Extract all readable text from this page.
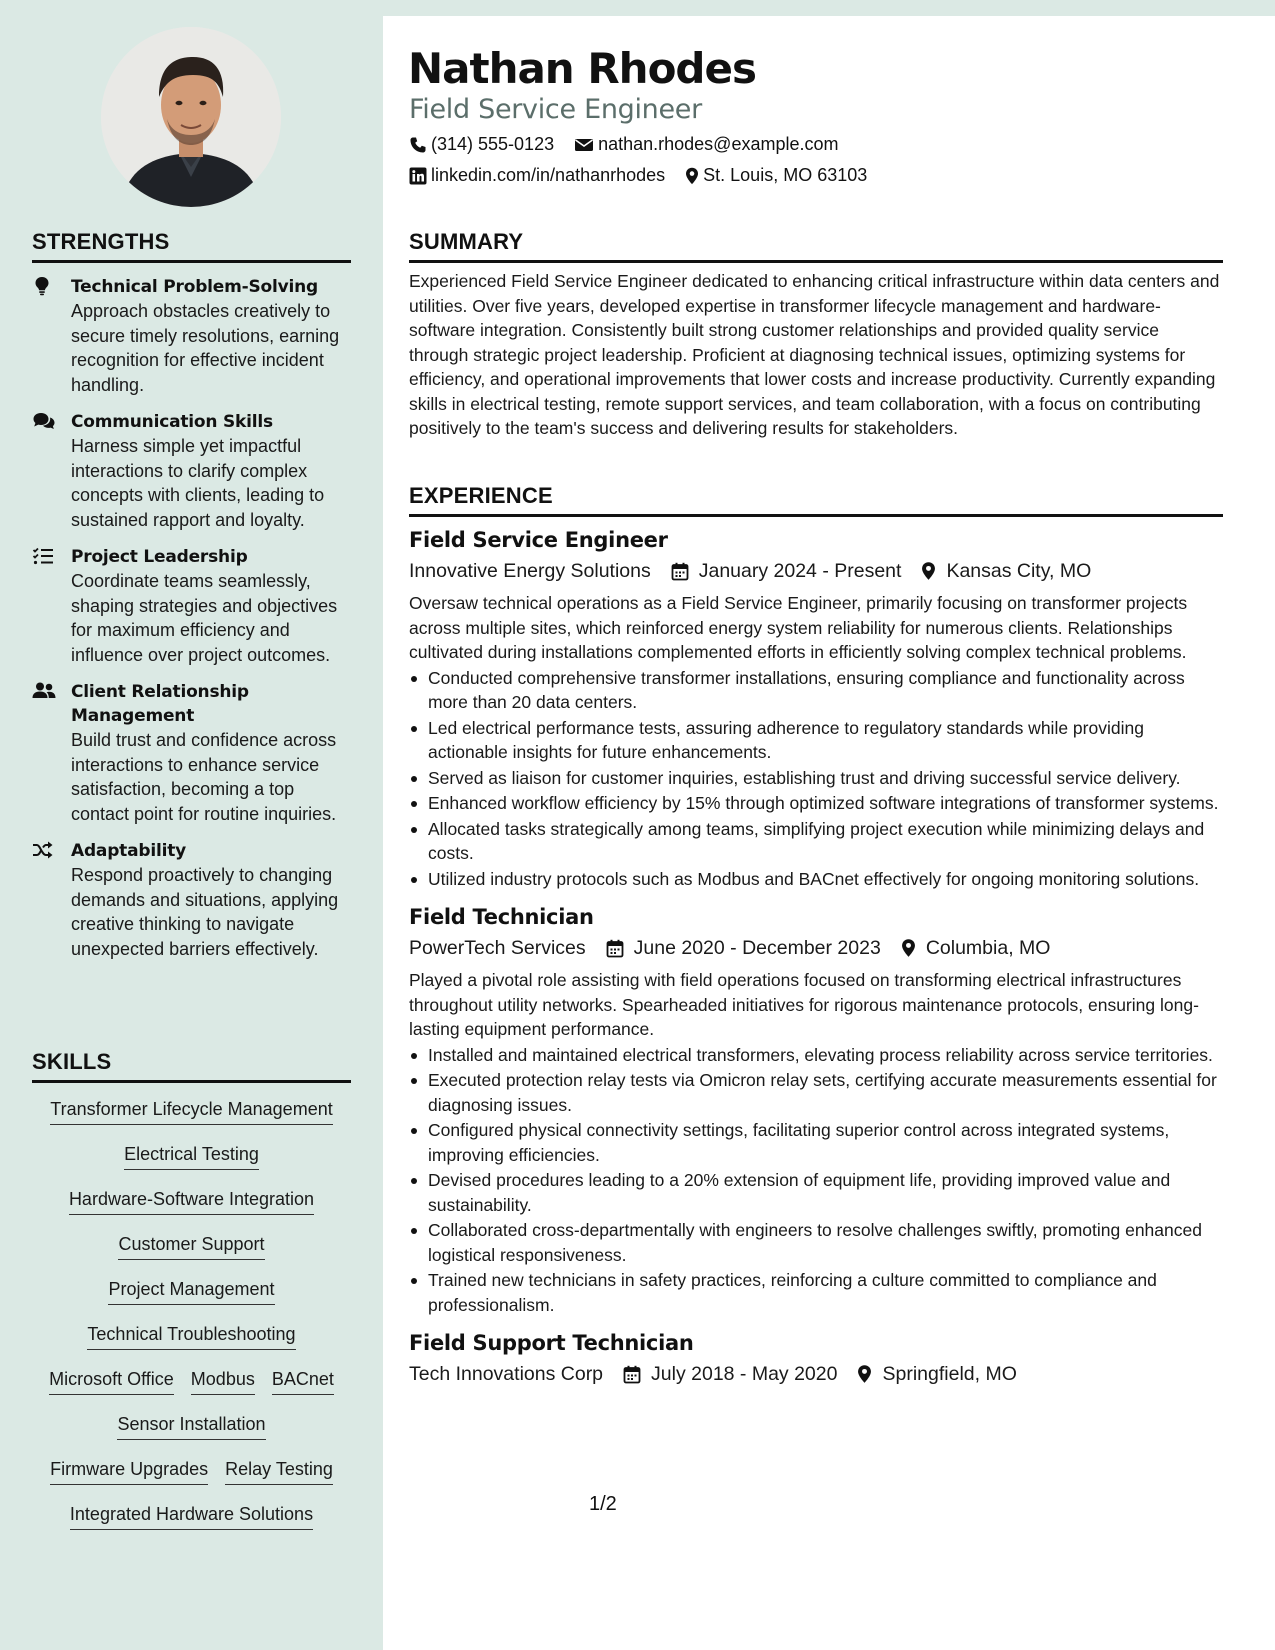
STRENGTHS
Technical Problem-Solving
Approach obstacles creatively to secure timely resolutions, earning recognition for effective incident handling.
Communication Skills
Harness simple yet impactful interactions to clarify complex concepts with clients, leading to sustained rapport and loyalty.
Project Leadership
Coordinate teams seamlessly, shaping strategies and objectives for maximum efficiency and influence over project outcomes.
Client Relationship Management
Build trust and confidence across interactions to enhance service satisfaction, becoming a top contact point for routine inquiries.
Adaptability
Respond proactively to changing demands and situations, applying creative thinking to navigate unexpected barriers effectively.
SKILLS
Transformer Lifecycle Management
Electrical Testing
Hardware-Software Integration
Customer Support
Project Management
Technical Troubleshooting
Microsoft Office Modbus BACnet
Sensor Installation
Firmware Upgrades Relay Testing
Integrated Hardware Solutions
Nathan Rhodes
Field Service Engineer
(314) 555-0123 nathan.rhodes@example.com
linkedin.com/in/nathanrhodes St. Louis, MO 63103
SUMMARY
Experienced Field Service Engineer dedicated to enhancing critical infrastructure within data centers and utilities. Over five years, developed expertise in transformer lifecycle management and hardware-software integration. Consistently built strong customer relationships and provided quality service through strategic project leadership. Proficient at diagnosing technical issues, optimizing systems for efficiency, and operational improvements that lower costs and increase productivity. Currently expanding skills in electrical testing, remote support services, and team collaboration, with a focus on contributing positively to the team's success and delivering results for stakeholders.
EXPERIENCE
Field Service Engineer
Innovative Energy Solutions January 2024 - Present Kansas City, MO
Oversaw technical operations as a Field Service Engineer, primarily focusing on transformer projects across multiple sites, which reinforced energy system reliability for numerous clients. Relationships cultivated during installations complemented efforts in efficiently solving complex technical problems.
Conducted comprehensive transformer installations, ensuring compliance and functionality across more than 20 data centers.
Led electrical performance tests, assuring adherence to regulatory standards while providing actionable insights for future enhancements.
Served as liaison for customer inquiries, establishing trust and driving successful service delivery.
Enhanced workflow efficiency by 15% through optimized software integrations of transformer systems.
Allocated tasks strategically among teams, simplifying project execution while minimizing delays and costs.
Utilized industry protocols such as Modbus and BACnet effectively for ongoing monitoring solutions.
Field Technician
PowerTech Services June 2020 - December 2023 Columbia, MO
Played a pivotal role assisting with field operations focused on transforming electrical infrastructures throughout utility networks. Spearheaded initiatives for rigorous maintenance protocols, ensuring long-lasting equipment performance.
Installed and maintained electrical transformers, elevating process reliability across service territories.
Executed protection relay tests via Omicron relay sets, certifying accurate measurements essential for diagnosing issues.
Configured physical connectivity settings, facilitating superior control across integrated systems, improving efficiencies.
Devised procedures leading to a 20% extension of equipment life, providing improved value and sustainability.
Collaborated cross-departmentally with engineers to resolve challenges swiftly, promoting enhanced logistical responsiveness.
Trained new technicians in safety practices, reinforcing a culture committed to compliance and professionalism.
Field Support Technician
Tech Innovations Corp July 2018 - May 2020 Springfield, MO
1/2
